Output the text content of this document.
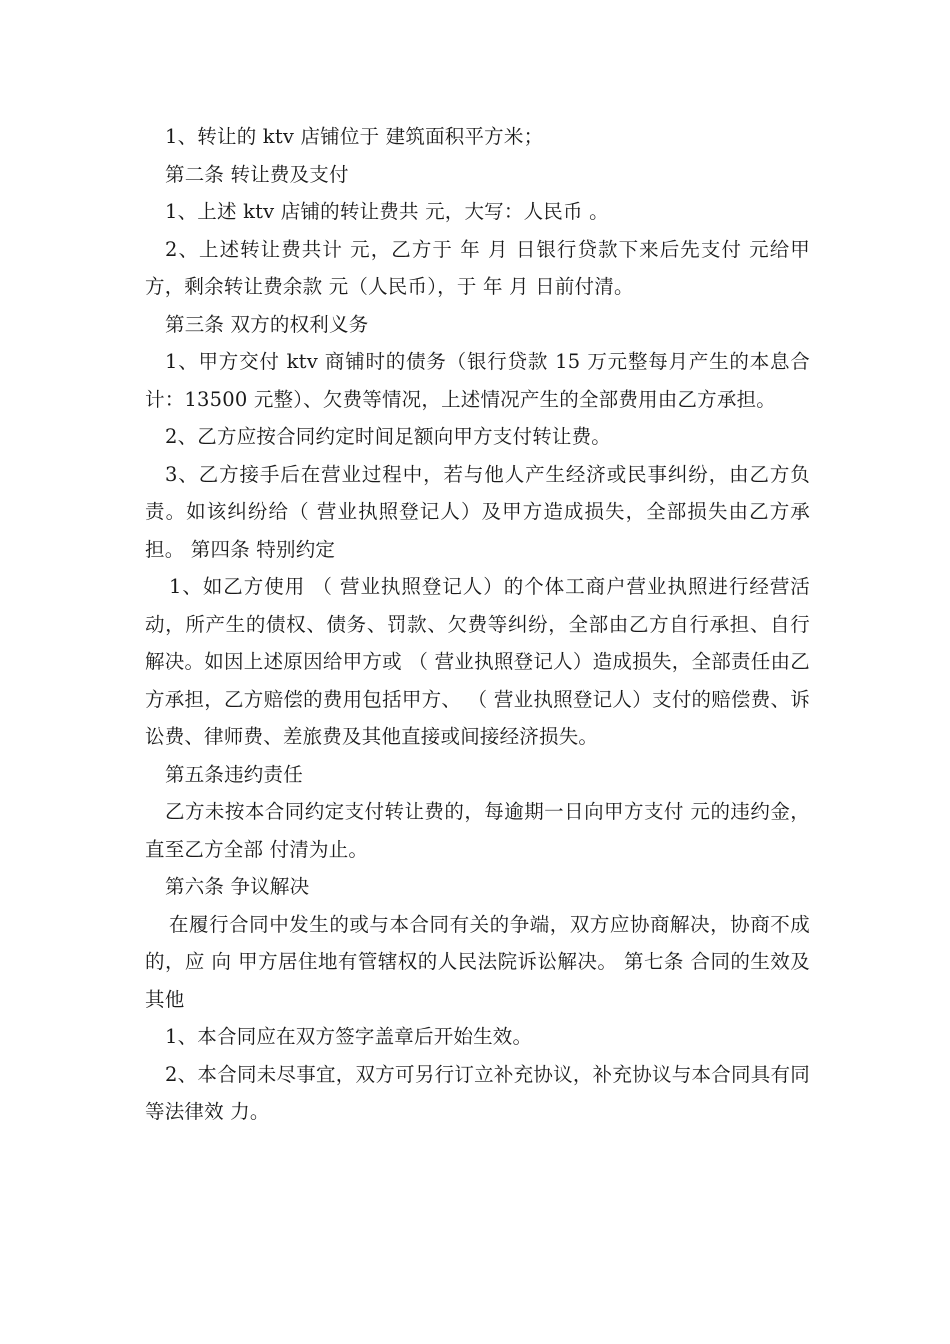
1、转让的 ktv 店铺位于 建筑面积平方米；

第二条 转让费及支付

1、上述 ktv 店铺的转让费共 元，大写：人民币 。

2、上述转让费共计 元，乙方于 年 月 日银行贷款下来后先支付 元给甲方，剩余转让费余款 元（人民币），于 年 月 日前付清。

第三条 双方的权利义务

1、甲方交付 ktv 商铺时的债务（银行贷款 15 万元整每月产生的本息合计：13500 元整）、欠费等情况，上述情况产生的全部费用由乙方承担。

2、乙方应按合同约定时间足额向甲方支付转让费。

3、乙方接手后在营业过程中，若与他人产生经济或民事纠纷，由乙方负责。如该纠纷给（ 营业执照登记人）及甲方造成损失，全部损失由乙方承担。 第四条 特别约定

1、如乙方使用 （ 营业执照登记人）的个体工商户营业执照进行经营活动，所产生的债权、债务、罚款、欠费等纠纷，全部由乙方自行承担、自行解决。如因上述原因给甲方或 （ 营业执照登记人）造成损失，全部责任由乙方承担，乙方赔偿的费用包括甲方、 （ 营业执照登记人）支付的赔偿费、诉讼费、律师费、差旅费及其他直接或间接经济损失。

第五条违约责任

乙方未按本合同约定支付转让费的，每逾期一日向甲方支付 元的违约金，直至乙方全部 付清为止。

第六条 争议解决

在履行合同中发生的或与本合同有关的争端，双方应协商解决，协商不成的，应 向 甲方居住地有管辖权的人民法院诉讼解决。 第七条 合同的生效及其他

1、本合同应在双方签字盖章后开始生效。

2、本合同未尽事宜，双方可另行订立补充协议，补充协议与本合同具有同等法律效 力。
